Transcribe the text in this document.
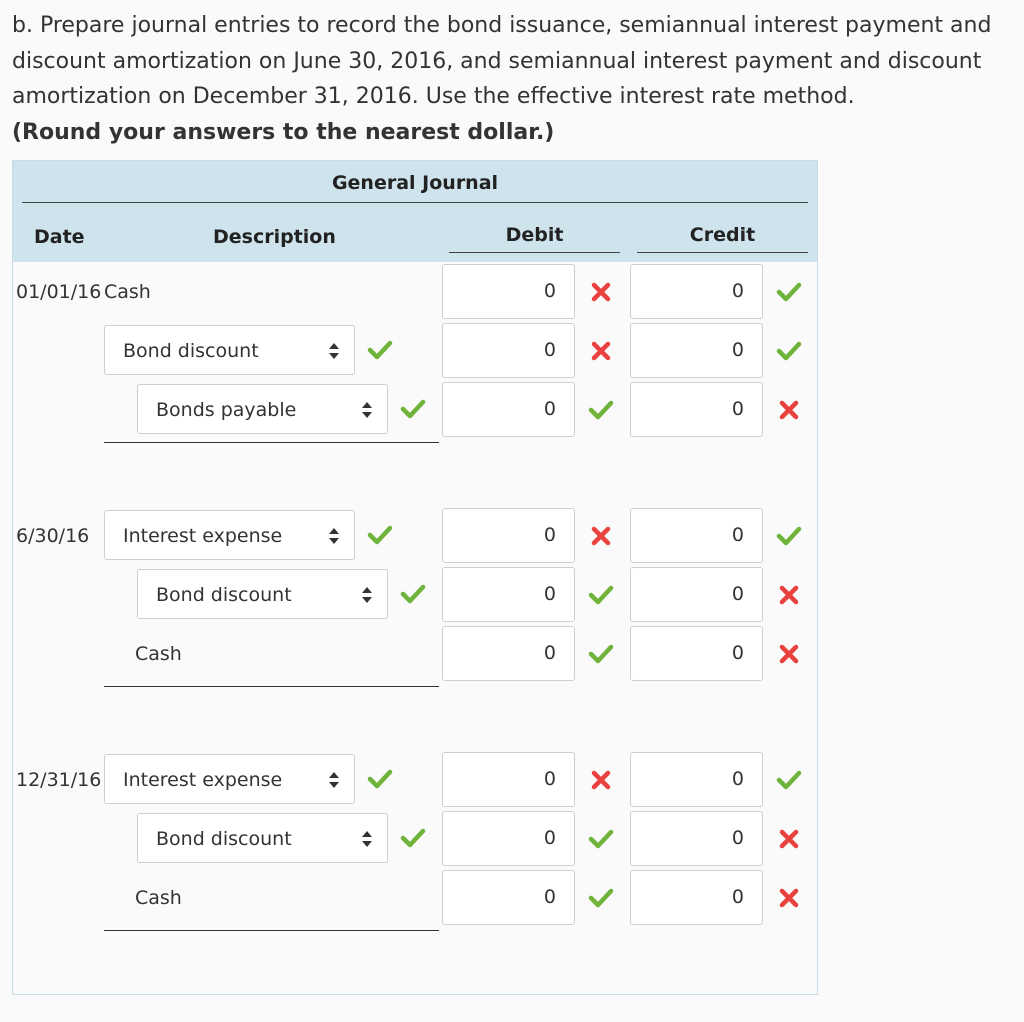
b. Prepare journal entries to record the bond issuance, semiannual interest payment and
discount amortization on June 30, 2016, and semiannual interest payment and discount
amortization on December 31, 2016. Use the effective interest rate method.
(Round your answers to the nearest dollar.)
General Journal
Date	Description	Debit	Credit
01/01/16 Cash	0	0
Bond discount	0	0
Bonds payable	0	0
6/30/16 Interest expense	0	0
Bond discount	0	0
Cash	0	0
12/31/16 Interest expense	0	0
Bond discount	0	0
Cash	0	0
